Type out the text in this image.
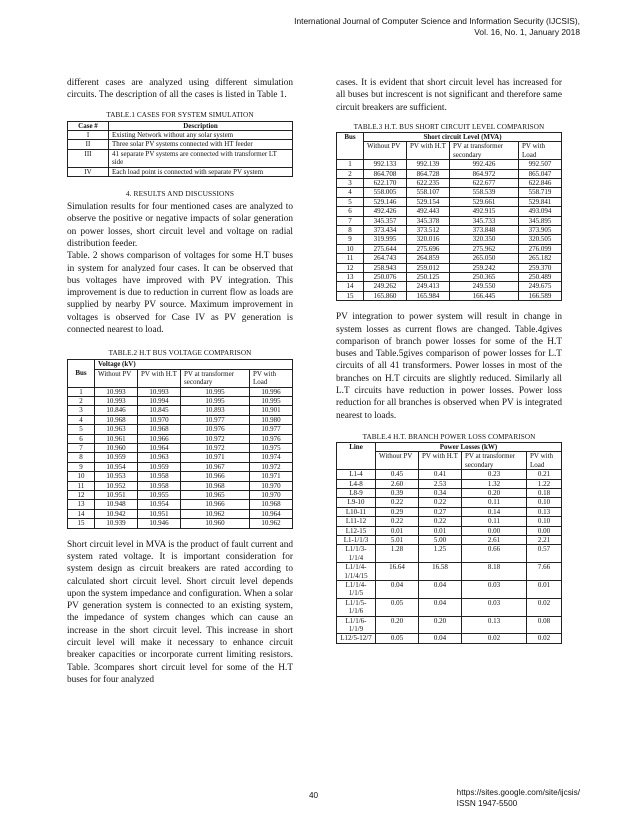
International Journal of Computer Science and Information Security (IJCSIS),
Vol. 16, No. 1, January 2018

different cases are analyzed using different simulation circuits. The description of all the cases is listed in Table 1.

TABLE.1 CASES FOR SYSTEM SIMULATION

Case #	Description
I	Existing Network without any solar system
II	Three solar PV systems connected with HT feeder
III	41 separate PV systems are connected with transformer LT side
IV	Each load point is connected with separate PV system

4. RESULTS AND DISCUSSIONS

Simulation results for four mentioned cases are analyzed to observe the positive or negative impacts of solar generation on power losses, short circuit level and voltage on radial distribution feeder.

Table. 2 shows comparison of voltages for some H.T buses in system for analyzed four cases. It can be observed that bus voltages have improved with PV integration. This improvement is due to reduction in current flow as loads are supplied by nearby PV source. Maximum improvement in voltages is observed for Case IV as PV generation is connected nearest to load.

TABLE.2 H.T BUS VOLTAGE COMPARISON

Bus	Voltage (kV)			
	Without PV	PV with H.T	PV at transformer secondary	PV with Load
1	10.993	10.993	10.995	10.996
2	10.993	10.994	10.995	10.995
3	10.846	10.845	10.893	10.901
4	10.968	10.970	10.977	10.980
5	10.963	10.968	10.976	10.977
6	10.961	10.966	10.972	10.976
7	10.960	10.964	10.972	10.975
8	10.959	10.963	10.971	10.974
9	10.954	10.959	10.967	10.972
10	10.953	10.958	10.966	10.971
11	10.952	10.958	10.968	10.970
12	10.951	10.955	10.965	10.970
13	10.948	10.954	10.966	10.968
14	10.942	10.951	10.962	10.964
15	10.939	10.946	10.960	10.962

Short circuit level in MVA is the product of fault current and system rated voltage. It is important consideration for system design as circuit breakers are rated according to calculated short circuit level. Short circuit level depends upon the system impedance and configuration. When a solar PV generation system is connected to an existing system, the impedance of system changes which can cause an increase in the short circuit level. This increase in short circuit level will make it necessary to enhance circuit breaker capacities or incorporate current limiting resistors. Table. 3compares short circuit level for some of the H.T buses for four analyzed

cases. It is evident that short circuit level has increased for all buses but increscent is not significant and therefore same circuit breakers are sufficient.

TABLE.3 H.T. BUS SHORT CIRCUIT LEVEL COMPARISON

Bus	Short circuit Level (MVA)			
	Without PV	PV with H.T	PV at transformer secondary	PV with Load
1	992.133	992.139	992.426	992.507
2	864.708	864.728	864.972	865.047
3	622.170	622.235	622.677	622.846
4	558.005	558.107	558.539	558.719
5	529.146	529.154	529.661	529.841
6	492.426	492.443	492.915	493.094
7	345.357	345.378	345.733	345.895
8	373.434	373.512	373.848	373.905
9	319.995	320.016	320.350	320.505
10	275.644	275.696	275.962	276.099
11	264.743	264.859	265.050	265.182
12	258.943	259.012	259.242	259.370
13	250.076	250.125	250.365	250.489
14	249.262	249.413	249.550	249.675
15	165.860	165.984	166.445	166.589

PV integration to power system will result in change in system losses as current flows are changed. Table.4gives comparison of branch power losses for some of the H.T buses and Table.5gives comparison of power losses for L.T circuits of all 41 transformers. Power losses in most of the branches on H.T circuits are slightly reduced. Similarly all L.T circuits have reduction in power losses. Power loss reduction for all branches is observed when PV is integrated nearest to loads.

TABLE.4 H.T. BRANCH POWER LOSS COMPARISON

Line	Power Losses (kW)			
	Without PV	PV with H.T	PV at transformer secondary	PV with Load
L1-4	0.45	0.41	0.23	0.21
L4-8	2.60	2.53	1.32	1.22
L8-9	0.39	0.34	0.20	0.18
L9-10	0.22	0.22	0.11	0.10
L10-11	0.29	0.27	0.14	0.13
L11-12	0.22	0.22	0.11	0.10
L12-15	0.01	0.01	0.00	0.00
L1-1/1/3	5.01	5.00	2.61	2.21
L1/1/3-1/1/4	1.28	1.25	0.66	0.57
L1/1/4-1/1/4/15	16.64	16.58	8.18	7.66
L1/1/4-1/1/5	0.04	0.04	0.03	0.01
L1/1/5-1/1/6	0.05	0.04	0.03	0.02
L1/1/6-1/1/9	0.20	0.20	0.13	0.08
L12/5-12/7	0.05	0.04	0.02	0.02
40	https://sites.google.com/site/ijcsis/
ISSN 1947-5500
